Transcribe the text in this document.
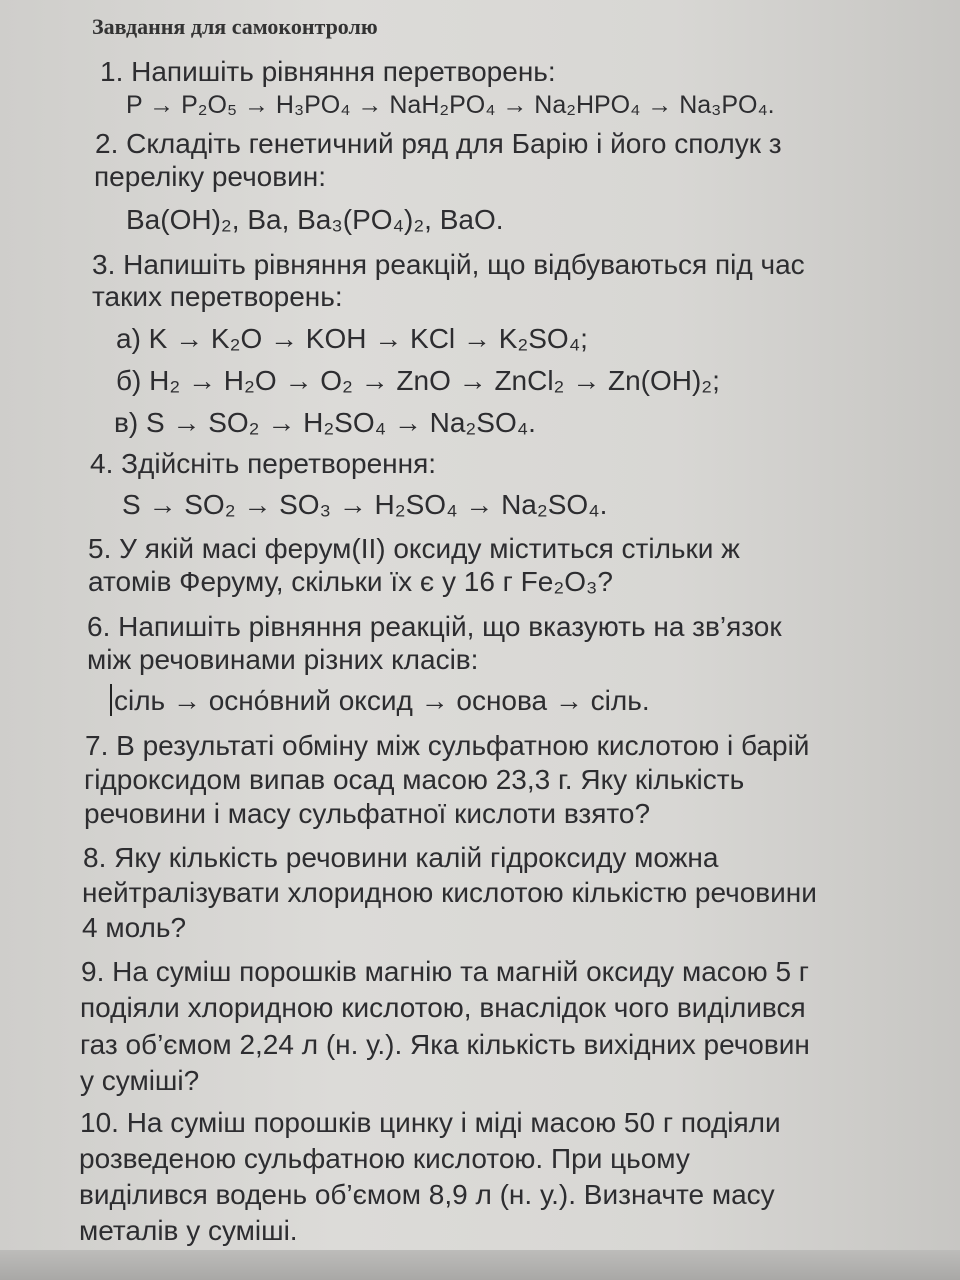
Завдання для самоконтролю
1. Напишіть рівняння перетворень:
P → P₂O₅ → H₃PO₄ → NaH₂PO₄ → Na₂HPO₄ → Na₃PO₄.
2. Складіть генетичний ряд для Барію і його сполук з
переліку речовин:
Ba(OH)₂, Ba, Ba₃(PO₄)₂, BaO.
3. Напишіть рівняння реакцій, що відбуваються під час
таких перетворень:
а) K → K₂O → KOH → KCl → K₂SO₄;
б) H₂ → H₂O → O₂ → ZnO → ZnCl₂ → Zn(OH)₂;
в) S → SO₂ → H₂SO₄ → Na₂SO₄.
4. Здійсніть перетворення:
S → SO₂ → SO₃ → H₂SO₄ → Na₂SO₄.
5. У якій масі ферум(II) оксиду міститься стільки ж
атомів Феруму, скільки їх є у 16 г Fe₂O₃?
6. Напишіть рівняння реакцій, що вказують на зв’язок
між речовинами різних класів:
сіль → осно́вний оксид → основа → сіль.
7. В результаті обміну між сульфатною кислотою і барій
гідроксидом випав осад масою 23,3 г. Яку кількість
речовини і масу сульфатної кислоти взято?
8. Яку кількість речовини калій гідроксиду можна
нейтралізувати хлоридною кислотою кількістю речовини
4 моль?
9. На суміш порошків магнію та магній оксиду масою 5 г
подіяли хлоридною кислотою, внаслідок чого виділився
газ об’ємом 2,24 л (н. у.). Яка кількість вихідних речовин
у суміші?
10. На суміш порошків цинку і міді масою 50 г подіяли
розведеною сульфатною кислотою. При цьому
виділився водень об’ємом 8,9 л (н. у.). Визначте масу
металів у суміші.
